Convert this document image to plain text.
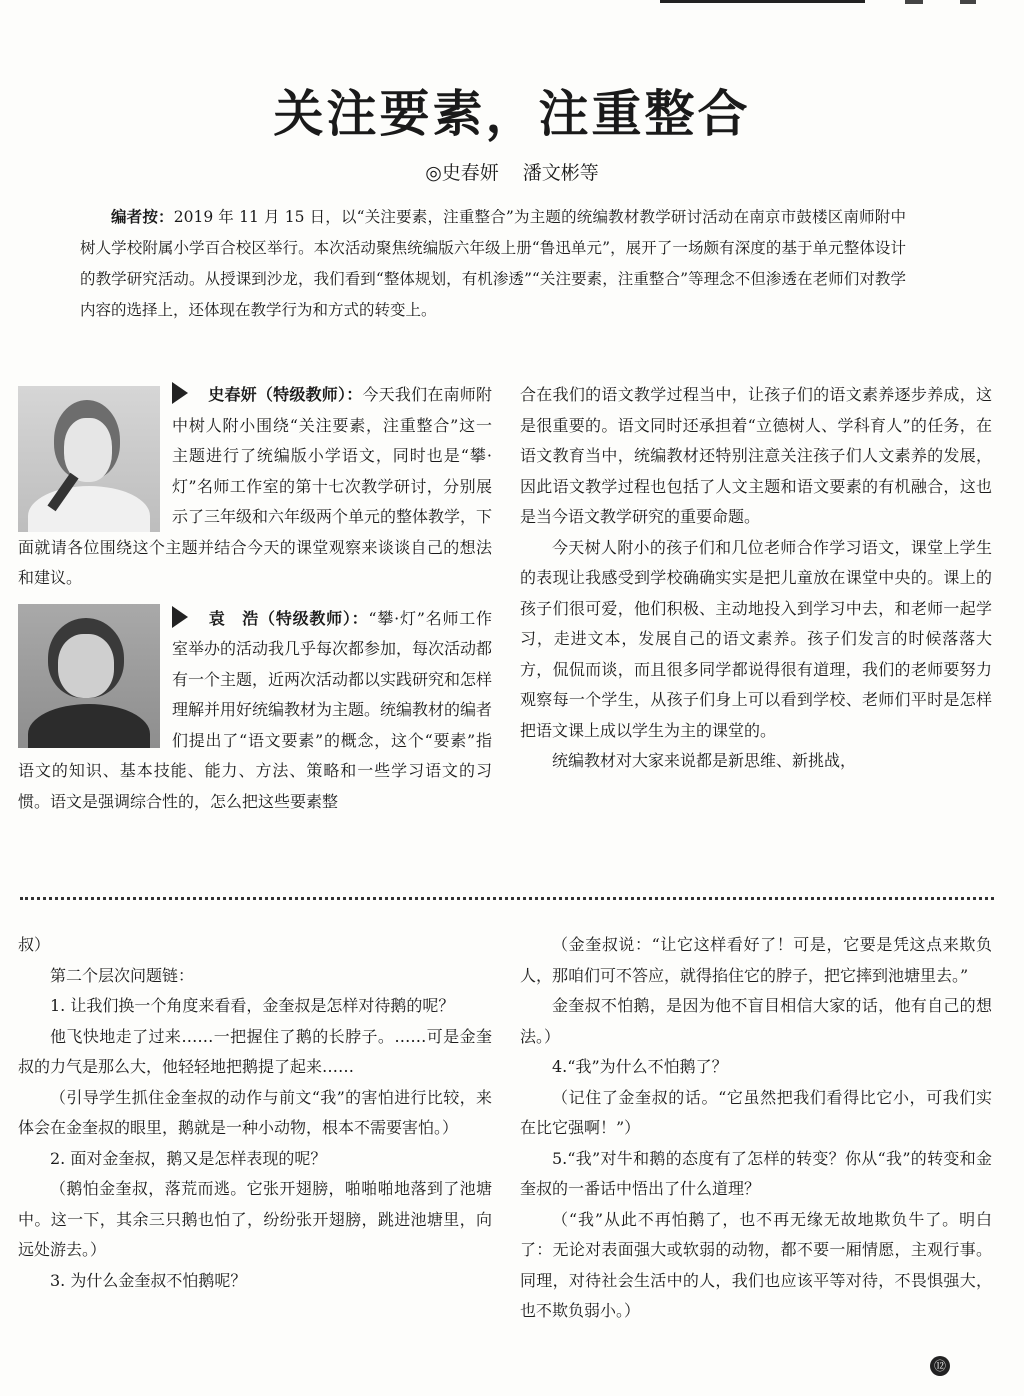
关注要素，注重整合

◎史春妍 潘文彬等

编者按：2019 年 11 月 15 日，以“关注要素，注重整合”为主题的统编教材教学研讨活动在南京市鼓楼区南师附中树人学校附属小学百合校区举行。本次活动聚焦统编版六年级上册“鲁迅单元”，展开了一场颇有深度的基于单元整体设计的教学研究活动。从授课到沙龙，我们看到“整体规划，有机渗透”“关注要素，注重整合”等理念不但渗透在老师们对教学内容的选择上，还体现在教学行为和方式的转变上。

史春妍（特级教师）：今天我们在南师附中树人附小围绕“关注要素，注重整合”这一主题进行了统编版小学语文，同时也是“攀·灯”名师工作室的第十七次教学研讨，分别展示了三年级和六年级两个单元的整体教学，下面就请各位围绕这个主题并结合今天的课堂观察来谈谈自己的想法和建议。

袁　浩（特级教师）：“攀·灯”名师工作室举办的活动我几乎每次都参加，每次活动都有一个主题，近两次活动都以实践研究和怎样理解并用好统编教材为主题。统编教材的编者们提出了“语文要素”的概念，这个“要素”指语文的知识、基本技能、能力、方法、策略和一些学习语文的习惯。语文是强调综合性的，怎么把这些要素整

合在我们的语文教学过程当中，让孩子们的语文素养逐步养成，这是很重要的。语文同时还承担着“立德树人、学科育人”的任务，在语文教育当中，统编教材还特别注意关注孩子们人文素养的发展，因此语文教学过程也包括了人文主题和语文要素的有机融合，这也是当今语文教学研究的重要命题。

今天树人附小的孩子们和几位老师合作学习语文，课堂上学生的表现让我感受到学校确确实实是把儿童放在课堂中央的。课上的孩子们很可爱，他们积极、主动地投入到学习中去，和老师一起学习，走进文本，发展自己的语文素养。孩子们发言的时候落落大方，侃侃而谈，而且很多同学都说得很有道理，我们的老师要努力观察每一个学生，从孩子们身上可以看到学校、老师们平时是怎样把语文课上成以学生为主的课堂的。

统编教材对大家来说都是新思维、新挑战，

叔）

第二个层次问题链：

1. 让我们换一个角度来看看，金奎叔是怎样对待鹅的呢？

他飞快地走了过来……一把握住了鹅的长脖子。……可是金奎叔的力气是那么大，他轻轻地把鹅提了起来……

（引导学生抓住金奎叔的动作与前文“我”的害怕进行比较，来体会在金奎叔的眼里，鹅就是一种小动物，根本不需要害怕。）

2. 面对金奎叔，鹅又是怎样表现的呢？

（鹅怕金奎叔，落荒而逃。它张开翅膀，啪啪啪地落到了池塘中。这一下，其余三只鹅也怕了，纷纷张开翅膀，跳进池塘里，向远处游去。）

3. 为什么金奎叔不怕鹅呢？

（金奎叔说：“让它这样看好了！可是，它要是凭这点来欺负人，那咱们可不答应，就得掐住它的脖子，把它摔到池塘里去。”

金奎叔不怕鹅，是因为他不盲目相信大家的话，他有自己的想法。）

4.“我”为什么不怕鹅了？

（记住了金奎叔的话。“它虽然把我们看得比它小，可我们实在比它强啊！”）

5.“我”对牛和鹅的态度有了怎样的转变？你从“我”的转变和金奎叔的一番话中悟出了什么道理？

（“我”从此不再怕鹅了，也不再无缘无故地欺负牛了。明白了：无论对表面强大或软弱的动物，都不要一厢情愿，主观行事。同理，对待社会生活中的人，我们也应该平等对待，不畏惧强大，也不欺负弱小。）

⑫
